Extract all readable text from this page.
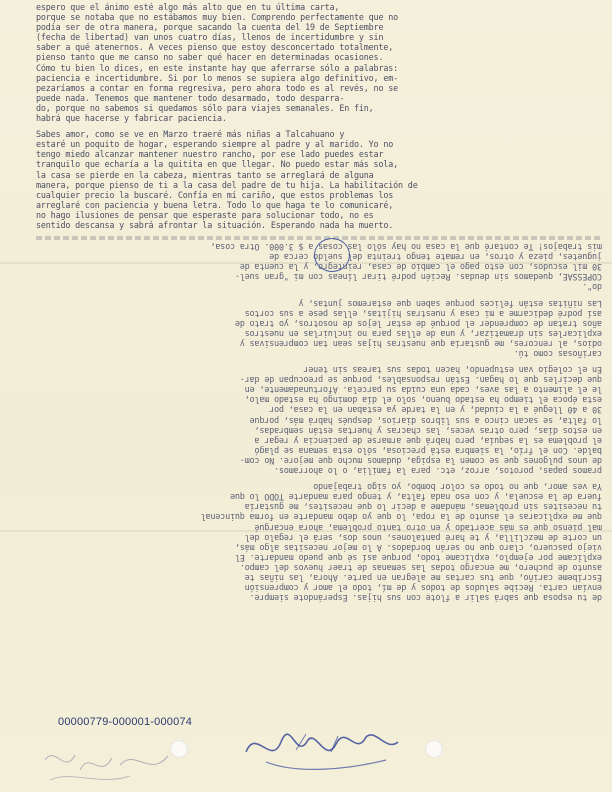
espero que el ánimo esté algo más alto que en tu última carta,
porque se notaba que no estábamos muy bien. Comprendo perfectamente que no
podía ser de otra manera, porque sacando la cuenta del 19 de Septiembre
(fecha de libertad) van unos cuatro días, llenos de incertidumbre y sin
saber a qué atenernos. A veces pienso que estoy desconcertado totalmente,
pienso tanto que me canso no saber qué hacer en determinadas ocasiones.
Cómo tu bien lo dices, en este instante hay que aferrarse sólo a palabras:
paciencia e incertidumbre. Si por lo menos se supiera algo definitivo, em-
pezaríamos a contar en forma regresiva, pero ahora todo es al revés, no se
puede nada. Tenemos que mantener todo desarmado, todo desparra-
do, porque no sabemos si quedamos sólo para viajes semanales. En fin,
habrá que hacerse y fabricar paciencia.
Sabes amor, como se ve en Marzo traeré más niñas a Talcahuano y
estaré un poquito de hogar, esperando siempre al padre y al marido. Yo no
tengo miedo alcanzar mantener nuestro rancho, por ese lado puedes estar
tranquilo que echaría a la quitita en que llegar. No puedo estar más sola,
la casa se pierde en la cabeza, mientras tanto se arreglará de alguna
manera, porque pienso de ti a la casa del padre de tu hija. La habilitación de
cualquier precio la buscaré. Confía en mí cariño, que estos problemas los
arreglaré con paciencia y buena letra. Todo lo que haga te lo comunicaré,
no hago ilusiones de pensar que esperaste para solucionar todo, no es
sentido descansa y sabrá afrontar la situación. Esperando nada ha muerto.
mis trabajos! Te contaré que la casa no hay sólo las cosas a $ 3.000. Otra cosa,
juguetes, pieza y otros, en remate tengo treinta del sueldo cerca de
30 mil escudos, con esto pago el cambio de casa, reintegro, y la cuenta de
COPESSAE, quedamos sin deudas. Recién podré tirar líneas con mi "gran suel-
do".
Las niñitas están felices porque saben que estaremos juntas, y
así podré dedicarme a mi casa y nuestras hijitas, ellas pese a sus cortos
años tratan de comprender el porqué de estar lejos de nosotros, yo trato de
explicarles sin dramatizar, y una de ellas para no incluirlas en nuestros
odios, al rencores, me gustaría que nuestras hijas sean tan comprensivas y
cariñosas como tú.
En el colegio van estupendo, hacen todas sus tareas sin tener
que decirles que lo hagan. Están responsables, porque se preocupan de dar-
le el alimento a las aves, cada una cuida su parcela. Afortunadamente, en
esta época el tiempo ha estado bueno, solo el día domingo ha estado malo,
30 a 40 llegué a la ciudad, y en la tarde ya estaban en la casa, por
lo falta, se sacan cinco a sus libros diarios, después habrá más, porque
en estos días, pero otras veces, las chacras y huertas están sembradas,
el problema es la sequía, pero habrá que armarse de paciencia y regar a
balde. Con el frío, la siembra está preciosa, sólo esta semana se plagó
de unos pulgones que se comen la espiga, dudamos mucho que mejore. No com-
pramos papas, porotos, arroz, etc. para la familia, o lo ahorramos.
Ya ves amor, que no todo es color bombo, yo sigo trabajando
fuera de la escuela, y con eso nada falta, y tengo para mandarte TODO lo que
tu necesites sin problemas, mándame a decir lo que necesites, me gustaría
que me explicaras el asunto de la ropa, lo que yo debo mandarte en forma quincenal
mal pienso que es más acertado y en otro tanto problema, ahora encargué
un corte de mezclilla, y te haré pantalones, unos dos, será el regalo del
viejo pascuero, claro que no serán bordados. A lo mejor necesitas algo más,
explícame por ejemplo, explícame todo, porque así sé que puedo mandarte. El
asunto de puchero, me encargo todas las semanas de traer huevos del campo.
Escríbeme cariño, que tus cartas me alegran en parte. Ahora, las niñas te
envían carta. Recibe saludos de todos y de mí, todo el amor y comprensión
de tu esposa que sabrá salir a flote con sus hijas. Esperándote siempre.
00000779-000001-000074
